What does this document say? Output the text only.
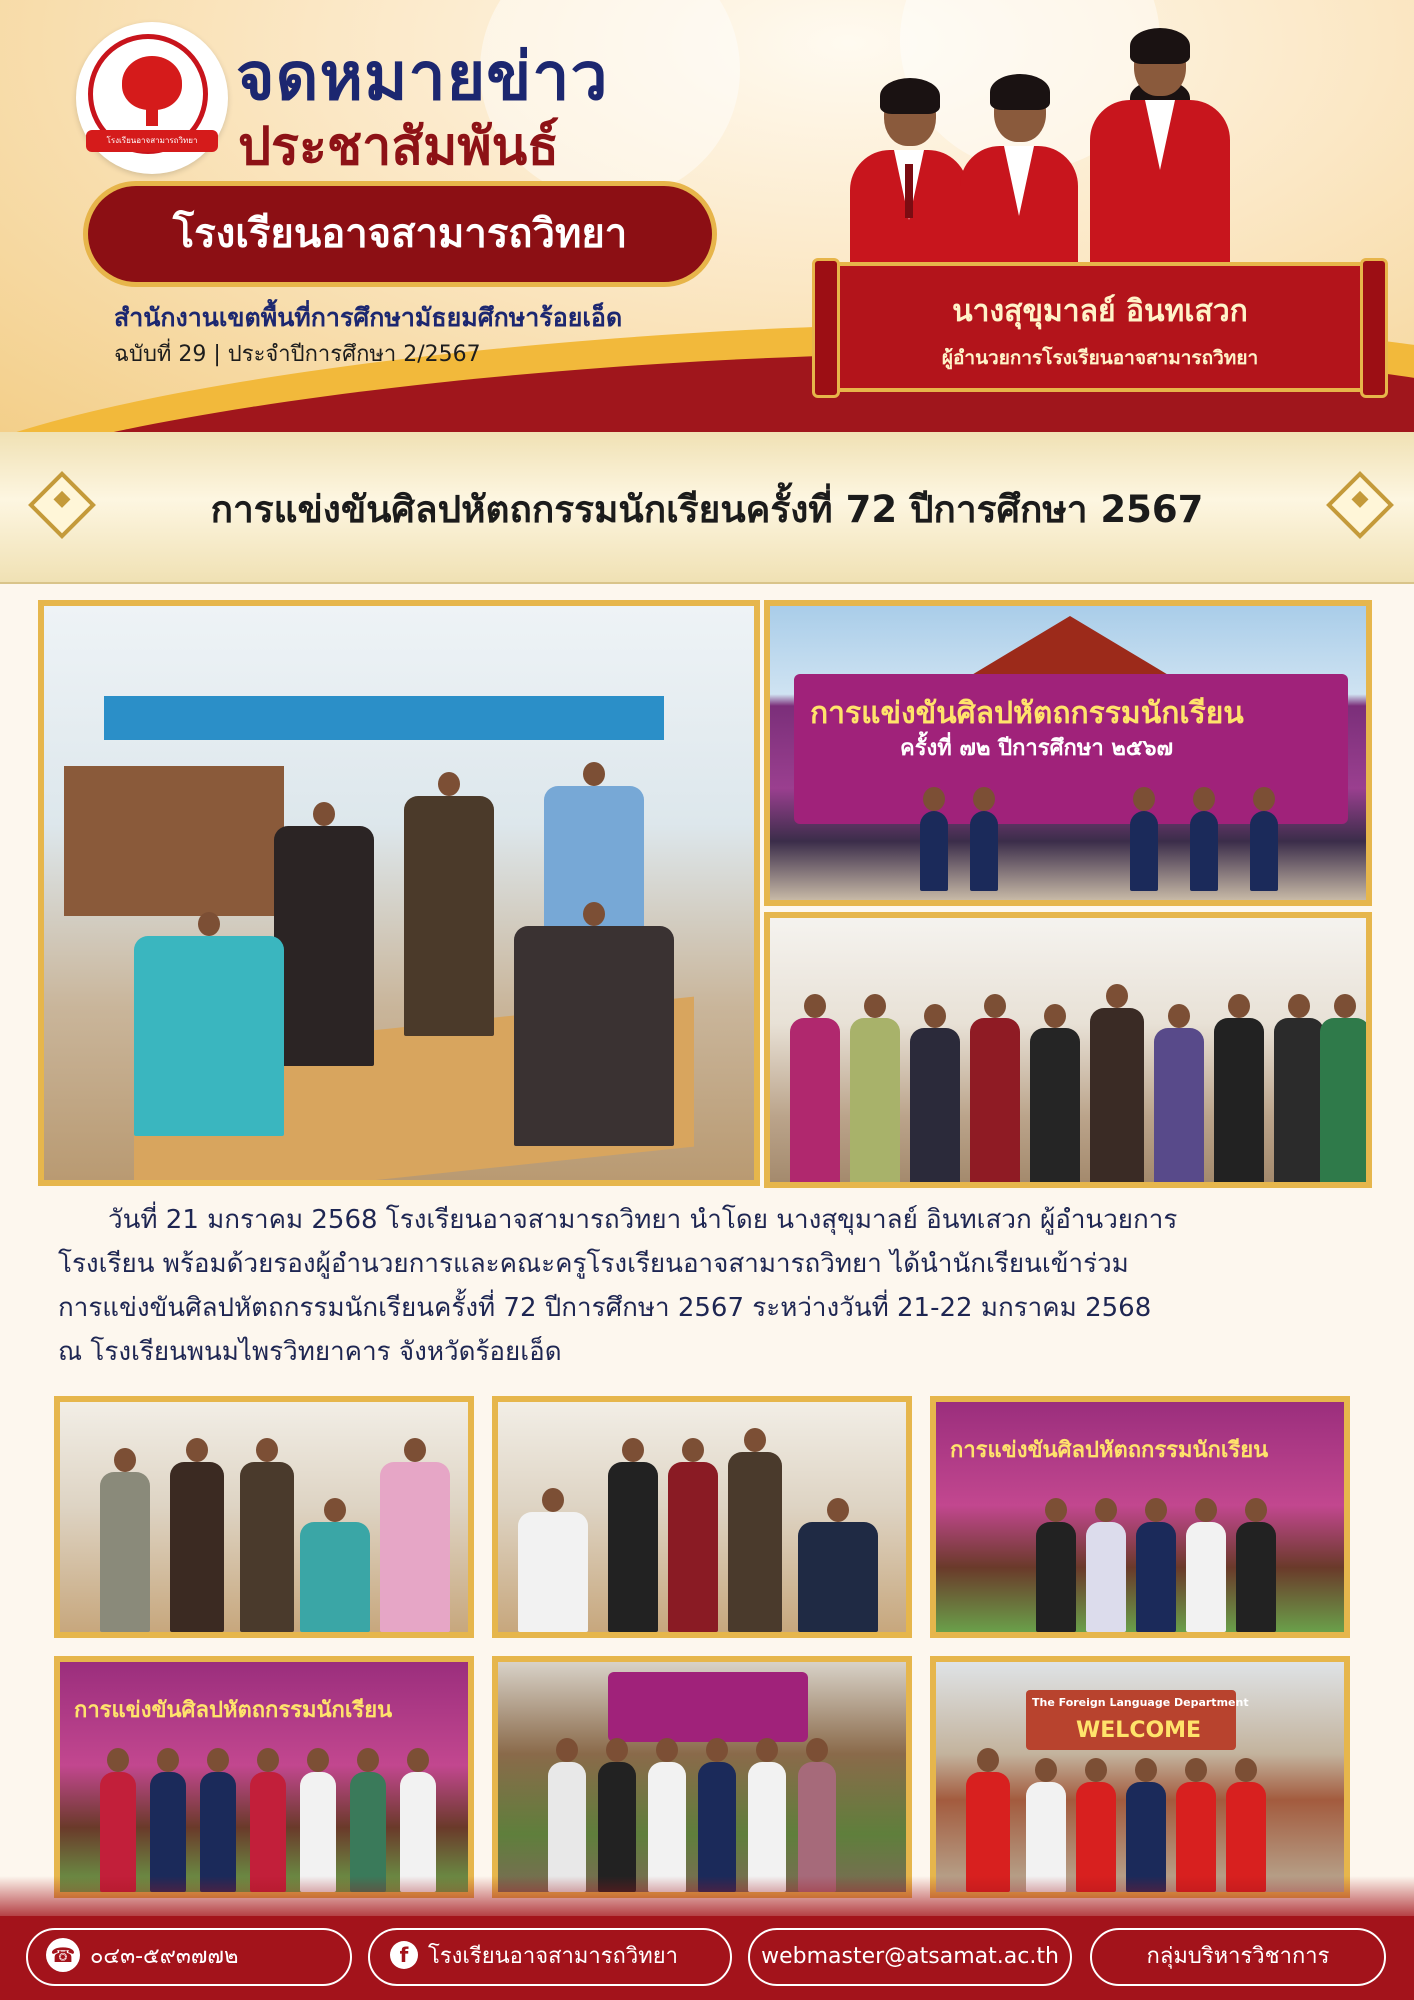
โรงเรียนอาจสามารถวิทยา
จดหมายข่าว
ประชาสัมพันธ์
โรงเรียนอาจสามารถวิทยา
สำนักงานเขตพื้นที่การศึกษามัธยมศึกษาร้อยเอ็ด
ฉบับที่ 29 | ประจำปีการศึกษา 2/2567
นางสุขุมาลย์ อินทเสวก
ผู้อำนวยการโรงเรียนอาจสามารถวิทยา
การแข่งขันศิลปหัตถกรรมนักเรียนครั้งที่ 72 ปีการศึกษา 2567
การแข่งขันศิลปหัตถกรรมนักเรียน
ครั้งที่ ๗๒ ปีการศึกษา ๒๕๖๗

วันที่ 21 มกราคม 2568 โรงเรียนอาจสามารถวิทยา นำโดย นางสุขุมาลย์ อินทเสวก ผู้อำนวยการ

โรงเรียน พร้อมด้วยรองผู้อำนวยการและคณะครูโรงเรียนอาจสามารถวิทยา ได้นำนักเรียนเข้าร่วม

การแข่งขันศิลปหัตถกรรมนักเรียนครั้งที่ 72 ปีการศึกษา 2567 ระหว่างวันที่ 21-22 มกราคม 2568

ณ โรงเรียนพนมไพรวิทยาคาร จังหวัดร้อยเอ็ด

การแข่งขันศิลปหัตถกรรมนักเรียน
การแข่งขันศิลปหัตถกรรมนักเรียน	The Foreign Language Department
WELCOME
☎ ๐๔๓-๕๙๓๗๗๒	f โรงเรียนอาจสามารถวิทยา	webmaster@atsamat.ac.th	กลุ่มบริหารวิชาการ
